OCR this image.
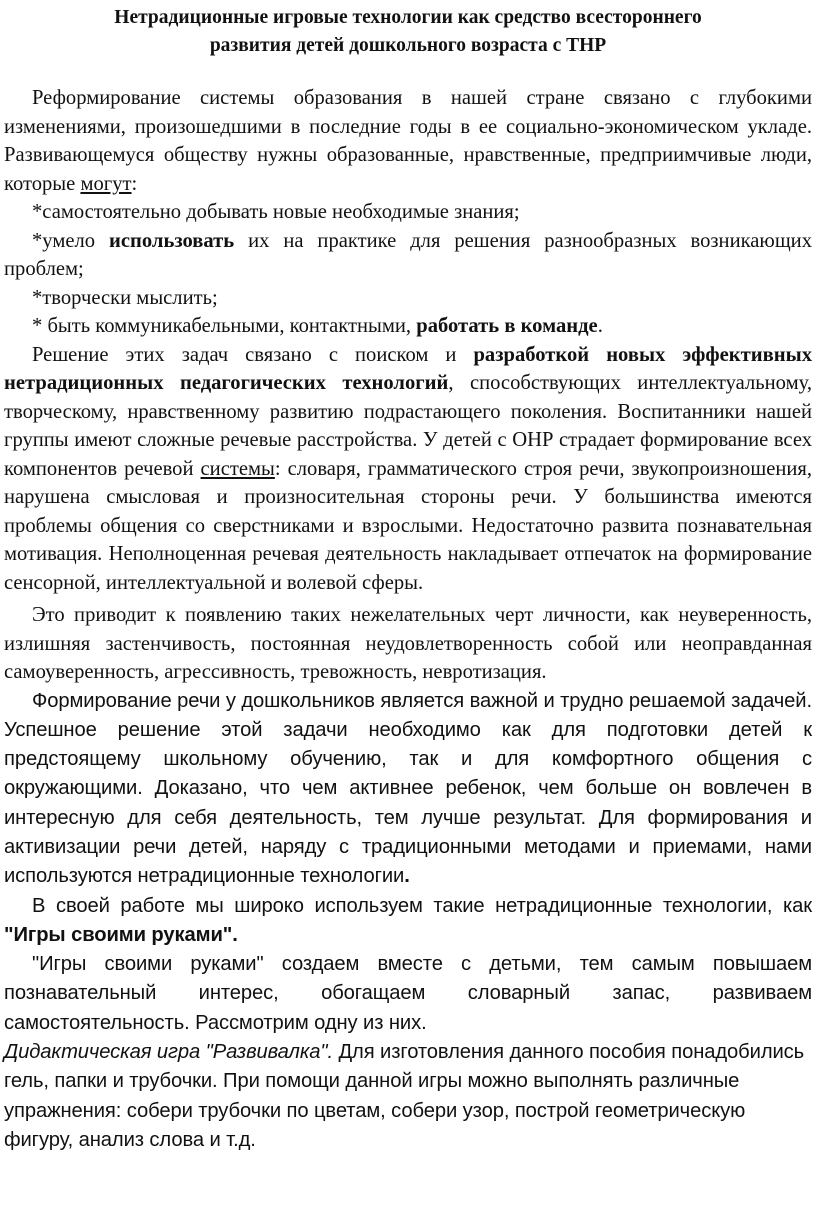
Нетрадиционные игровые технологии как средство всестороннего
развития детей дошкольного возраста с ТНР

Реформирование системы образования в нашей стране связано с глубокими изменениями, произошедшими в последние годы в ее социально-экономическом укладе. Развивающемуся обществу нужны образованные, нравственные, предприимчивые люди, которые могут:

*самостоятельно добывать новые необходимые знания;

*умело использовать их на практике для решения разнообразных возникающих проблем;

*творчески мыслить;

* быть коммуникабельными, контактными, работать в команде.

Решение этих задач связано с поиском и разработкой новых эффективных нетрадиционных педагогических технологий, способствующих интеллектуальному, творческому, нравственному развитию подрастающего поколения. Воспитанники нашей группы имеют сложные речевые расстройства. У детей с ОНР страдает формирование всех компонентов речевой системы: словаря, грамматического строя речи, звукопроизношения, нарушена смысловая и произносительная стороны речи. У большинства имеются проблемы общения со сверстниками и взрослыми. Недостаточно развита познавательная мотивация. Неполноценная речевая деятельность накладывает отпечаток на формирование сенсорной, интеллектуальной и волевой сферы.

Это приводит к появлению таких нежелательных черт личности, как неуверенность, излишняя застенчивость, постоянная неудовлетворенность собой или неоправданная самоуверенность, агрессивность, тревожность, невротизация.

Формирование речи у дошкольников является важной и трудно решаемой задачей. Успешное решение этой задачи необходимо как для подготовки детей к предстоящему школьному обучению, так и для комфортного общения с окружающими. Доказано, что чем активнее ребенок, чем больше он вовлечен в интересную для себя деятельность, тем лучше результат. Для формирования и активизации речи детей, наряду с традиционными методами и приемами, нами используются нетрадиционные технологии.

В своей работе мы широко используем такие нетрадиционные технологии, как "Игры своими руками".

"Игры своими руками" создаем вместе с детьми, тем самым повышаем познавательный интерес, обогащаем словарный запас, развиваем самостоятельность. Рассмотрим одну из них.

Дидактическая игра "Развивалка". Для изготовления данного пособия понадобились гель, папки и трубочки. При помощи данной игры можно выполнять различные упражнения: собери трубочки по цветам, собери узор, построй геометрическую фигуру, анализ слова и т.д.
